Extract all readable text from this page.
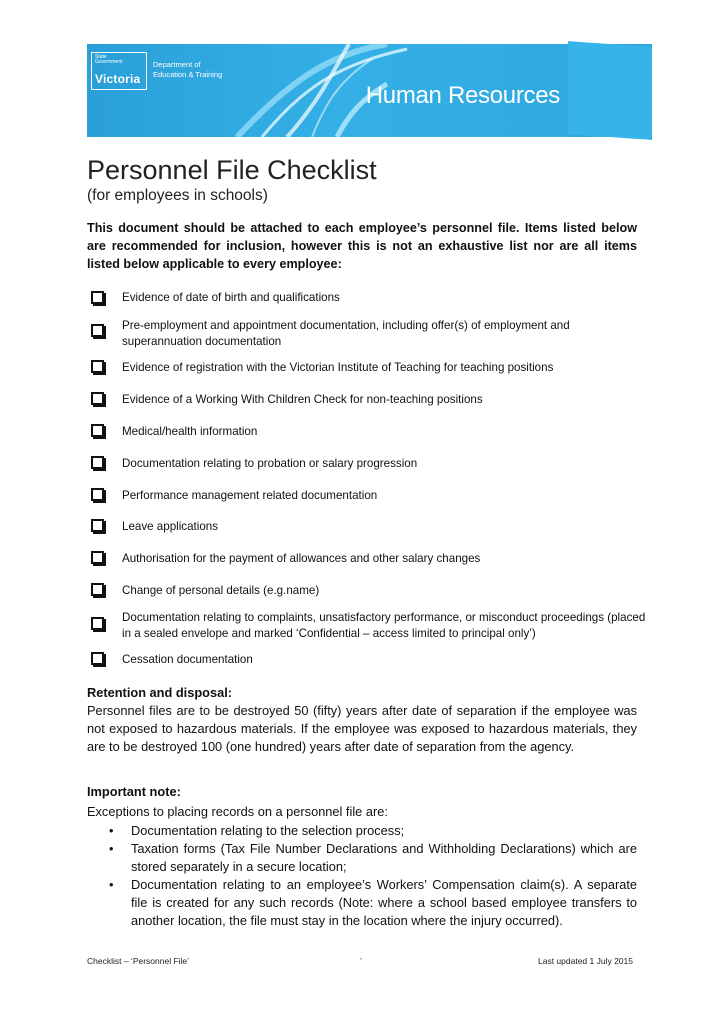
State
Government
Victoria
Department of
Education & Training
Human Resources
Personnel File Checklist
(for employees in schools)
This document should be attached to each employee’s personnel file. Items listed below are recommended for inclusion, however this is not an exhaustive list nor are all items listed below applicable to every employee:
Evidence of date of birth and qualifications
Pre-employment and appointment documentation, including offer(s) of employment and superannuation documentation
Evidence of registration with the Victorian Institute of Teaching for teaching positions
Evidence of a Working With Children Check for non-teaching positions
Medical/health information
Documentation relating to probation or salary progression
Performance management related documentation
Leave applications
Authorisation for the payment of allowances and other salary changes
Change of personal details (e.g.name)
Documentation relating to complaints, unsatisfactory performance, or misconduct proceedings (placed in a sealed envelope and marked ‘Confidential – access limited to principal only’)
Cessation documentation
Retention and disposal:
Personnel files are to be destroyed 50 (fifty) years after date of separation if the employee was not exposed to hazardous materials. If the employee was exposed to hazardous materials, they are to be destroyed 100 (one hundred) years after date of separation from the agency.
Important note:
Exceptions to placing records on a personnel file are:
• Documentation relating to the selection process;
• Taxation forms (Tax File Number Declarations and Withholding Declarations) which are stored separately in a secure location;
• Documentation relating to an employee’s Workers’ Compensation claim(s). A separate file is created for any such records (Note: where a school based employee transfers to another location, the file must stay in the location where the injury occurred).
Checklist – ‘Personnel File’	’	Last updated 1 July 2015
